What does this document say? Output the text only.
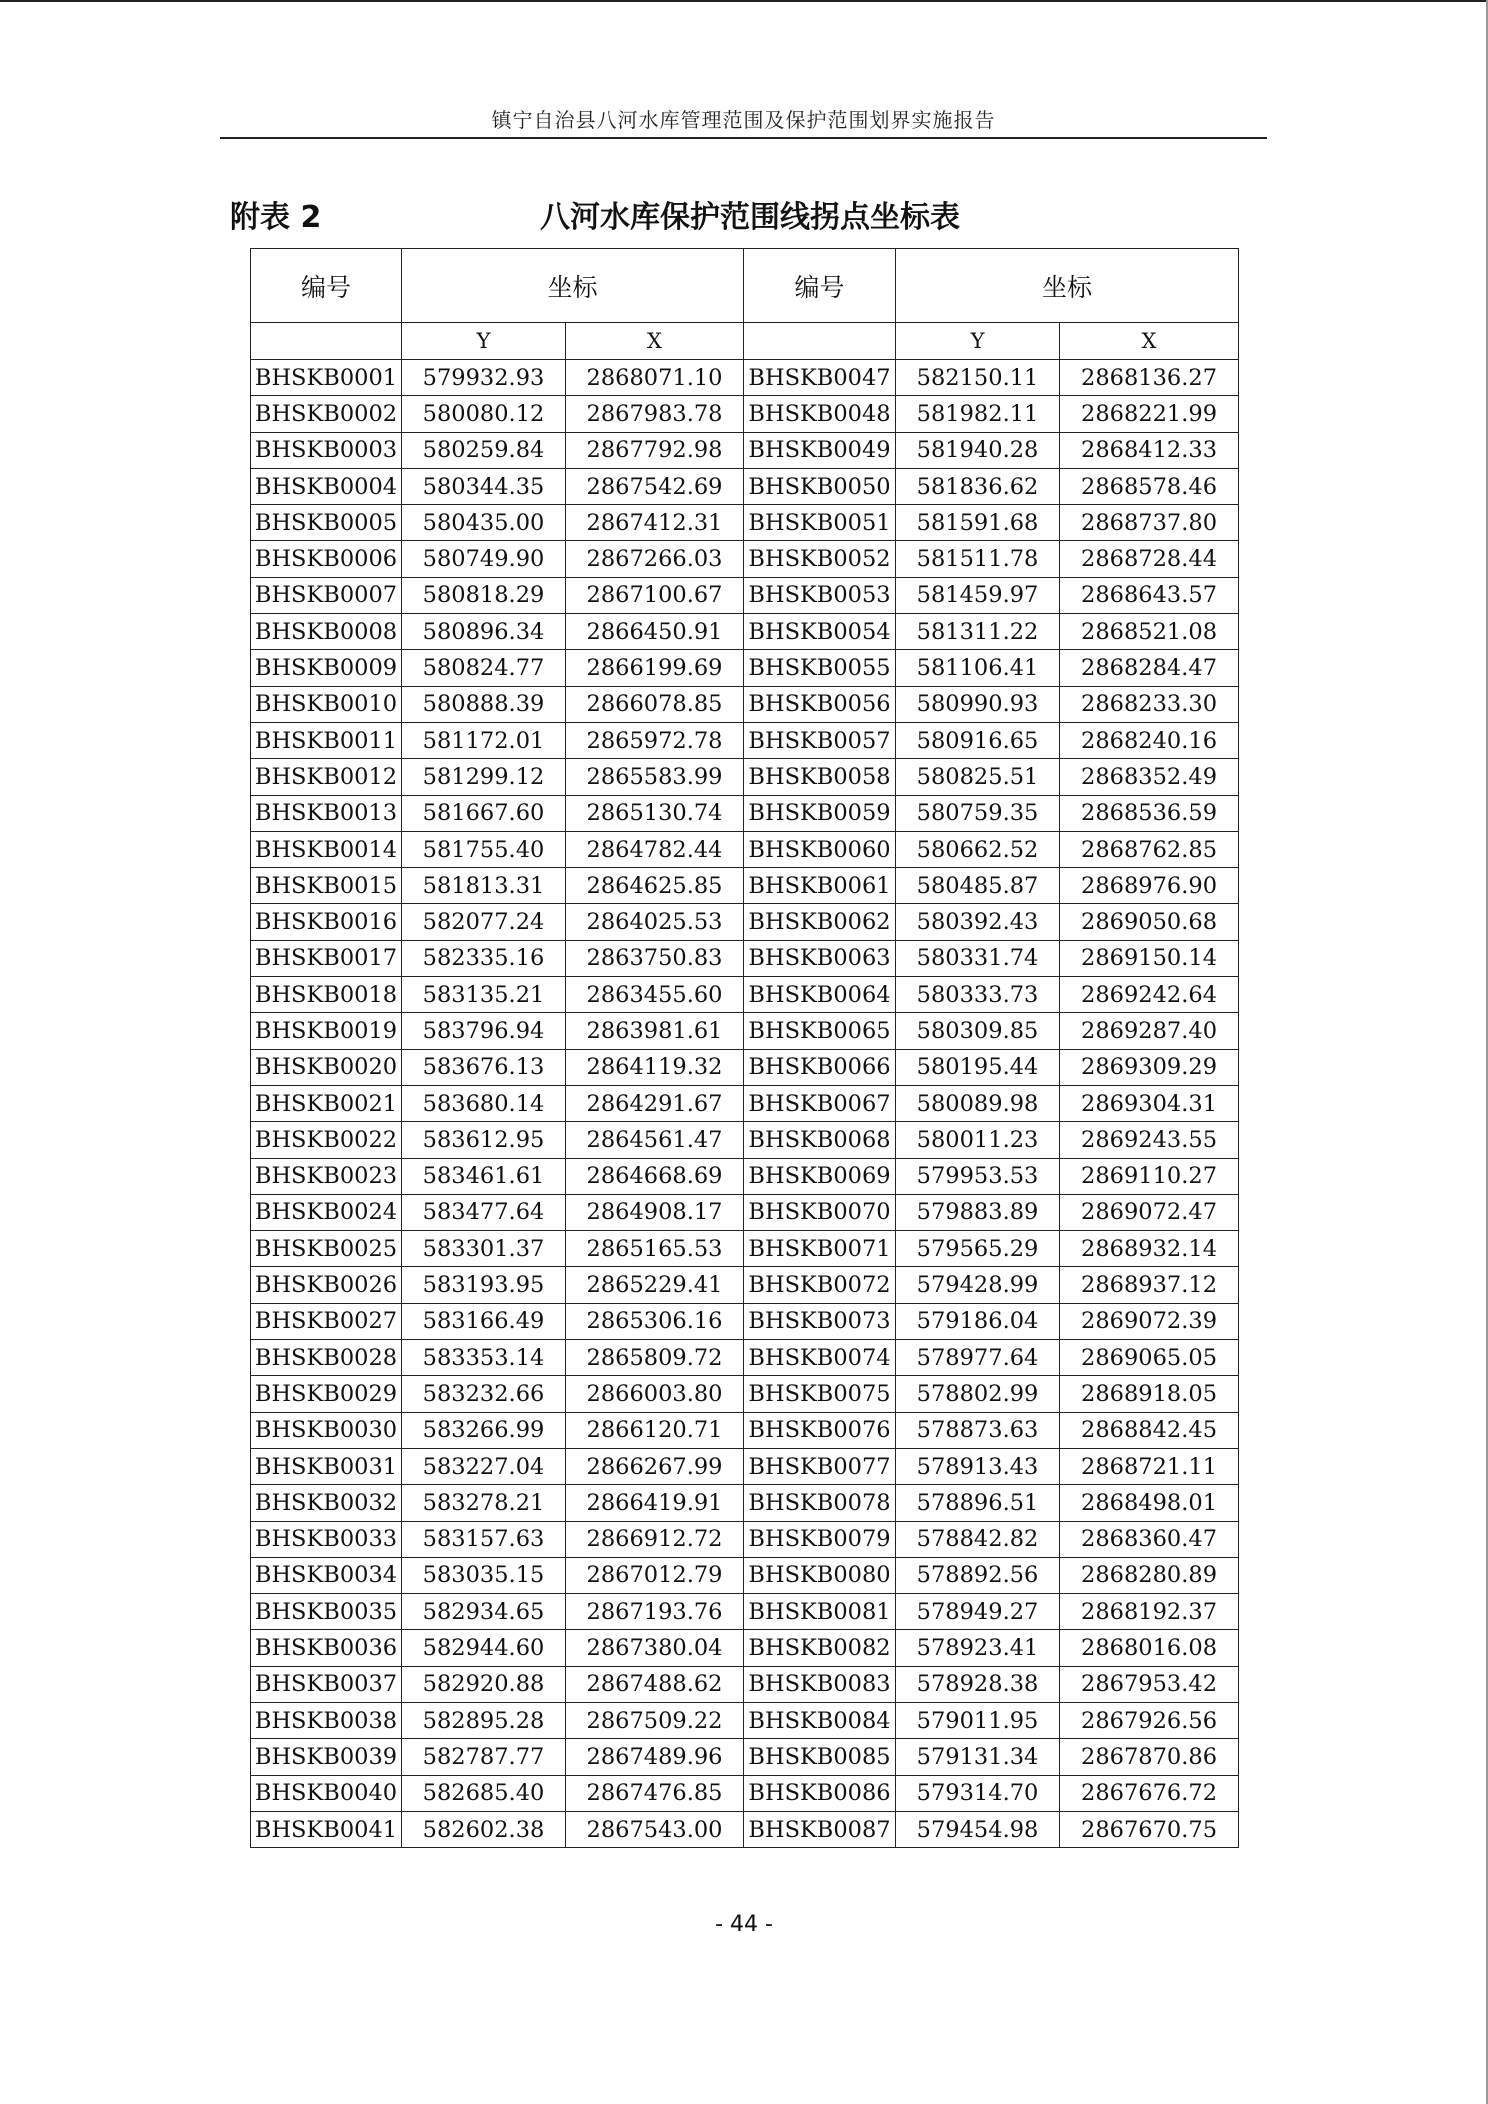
镇宁自治县八河水库管理范围及保护范围划界实施报告
附表 2	八河水库保护范围线拐点坐标表
编号	坐标		编号	坐标	
	Y	X		Y	X
BHSKB0001	579932.93	2868071.10	BHSKB0047	582150.11	2868136.27
BHSKB0002	580080.12	2867983.78	BHSKB0048	581982.11	2868221.99
BHSKB0003	580259.84	2867792.98	BHSKB0049	581940.28	2868412.33
BHSKB0004	580344.35	2867542.69	BHSKB0050	581836.62	2868578.46
BHSKB0005	580435.00	2867412.31	BHSKB0051	581591.68	2868737.80
BHSKB0006	580749.90	2867266.03	BHSKB0052	581511.78	2868728.44
BHSKB0007	580818.29	2867100.67	BHSKB0053	581459.97	2868643.57
BHSKB0008	580896.34	2866450.91	BHSKB0054	581311.22	2868521.08
BHSKB0009	580824.77	2866199.69	BHSKB0055	581106.41	2868284.47
BHSKB0010	580888.39	2866078.85	BHSKB0056	580990.93	2868233.30
BHSKB0011	581172.01	2865972.78	BHSKB0057	580916.65	2868240.16
BHSKB0012	581299.12	2865583.99	BHSKB0058	580825.51	2868352.49
BHSKB0013	581667.60	2865130.74	BHSKB0059	580759.35	2868536.59
BHSKB0014	581755.40	2864782.44	BHSKB0060	580662.52	2868762.85
BHSKB0015	581813.31	2864625.85	BHSKB0061	580485.87	2868976.90
BHSKB0016	582077.24	2864025.53	BHSKB0062	580392.43	2869050.68
BHSKB0017	582335.16	2863750.83	BHSKB0063	580331.74	2869150.14
BHSKB0018	583135.21	2863455.60	BHSKB0064	580333.73	2869242.64
BHSKB0019	583796.94	2863981.61	BHSKB0065	580309.85	2869287.40
BHSKB0020	583676.13	2864119.32	BHSKB0066	580195.44	2869309.29
BHSKB0021	583680.14	2864291.67	BHSKB0067	580089.98	2869304.31
BHSKB0022	583612.95	2864561.47	BHSKB0068	580011.23	2869243.55
BHSKB0023	583461.61	2864668.69	BHSKB0069	579953.53	2869110.27
BHSKB0024	583477.64	2864908.17	BHSKB0070	579883.89	2869072.47
BHSKB0025	583301.37	2865165.53	BHSKB0071	579565.29	2868932.14
BHSKB0026	583193.95	2865229.41	BHSKB0072	579428.99	2868937.12
BHSKB0027	583166.49	2865306.16	BHSKB0073	579186.04	2869072.39
BHSKB0028	583353.14	2865809.72	BHSKB0074	578977.64	2869065.05
BHSKB0029	583232.66	2866003.80	BHSKB0075	578802.99	2868918.05
BHSKB0030	583266.99	2866120.71	BHSKB0076	578873.63	2868842.45
BHSKB0031	583227.04	2866267.99	BHSKB0077	578913.43	2868721.11
BHSKB0032	583278.21	2866419.91	BHSKB0078	578896.51	2868498.01
BHSKB0033	583157.63	2866912.72	BHSKB0079	578842.82	2868360.47
BHSKB0034	583035.15	2867012.79	BHSKB0080	578892.56	2868280.89
BHSKB0035	582934.65	2867193.76	BHSKB0081	578949.27	2868192.37
BHSKB0036	582944.60	2867380.04	BHSKB0082	578923.41	2868016.08
BHSKB0037	582920.88	2867488.62	BHSKB0083	578928.38	2867953.42
BHSKB0038	582895.28	2867509.22	BHSKB0084	579011.95	2867926.56
BHSKB0039	582787.77	2867489.96	BHSKB0085	579131.34	2867870.86
BHSKB0040	582685.40	2867476.85	BHSKB0086	579314.70	2867676.72
BHSKB0041	582602.38	2867543.00	BHSKB0087	579454.98	2867670.75
- 44 -
